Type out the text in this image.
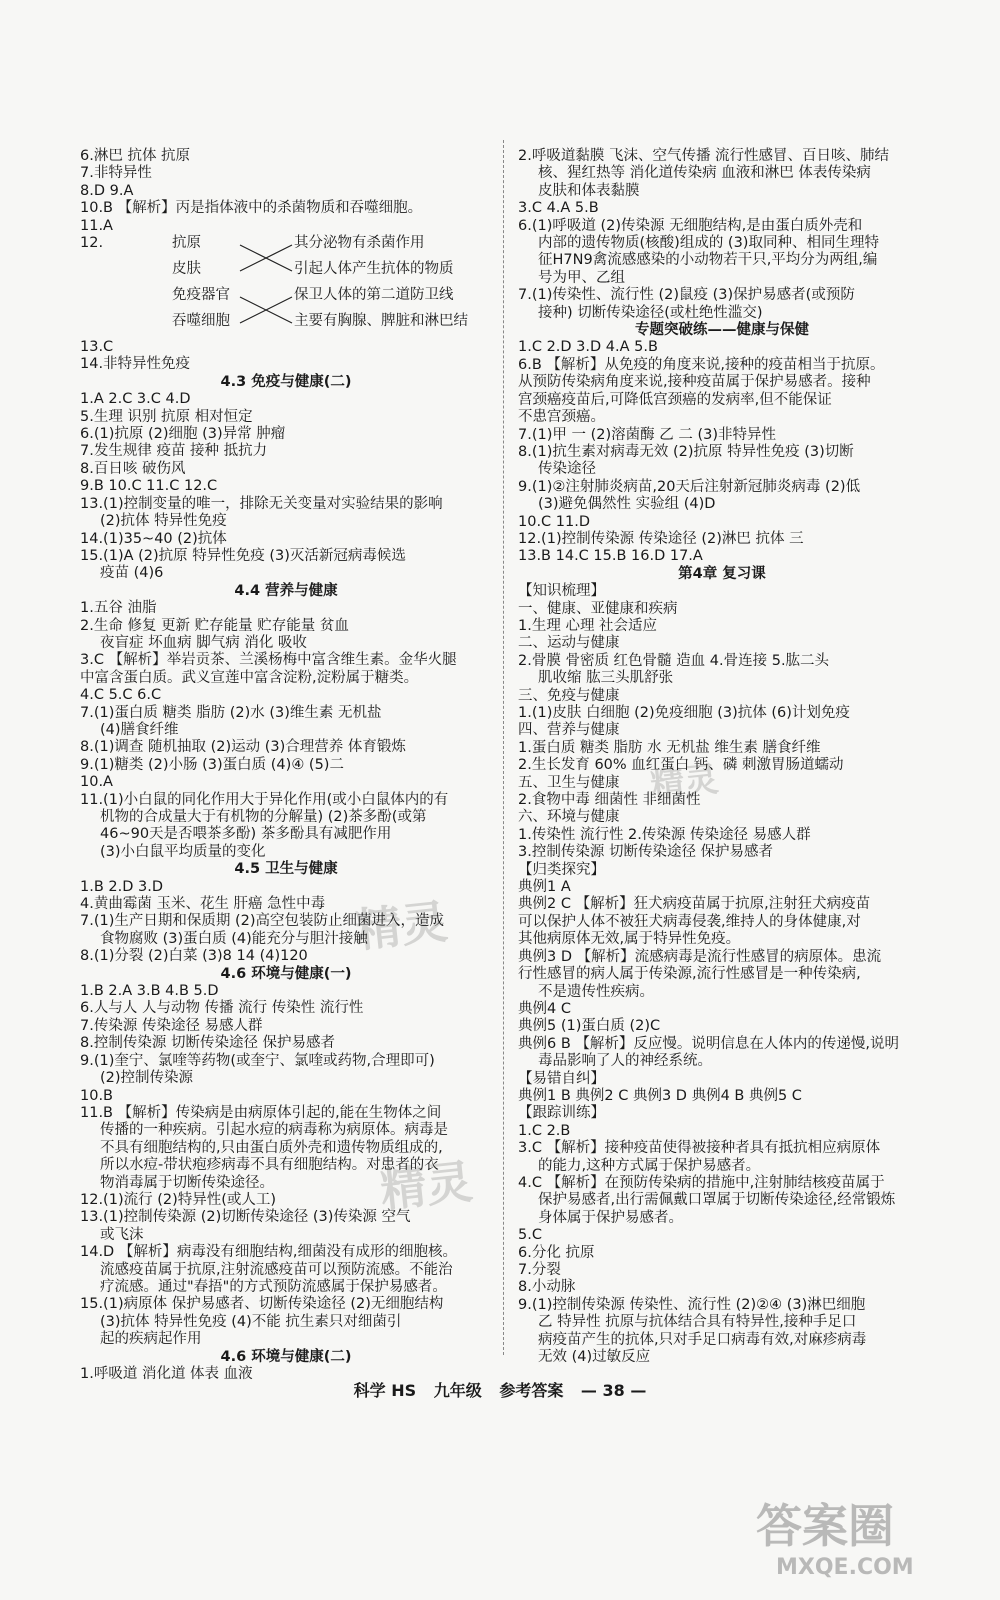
6.淋巴 抗体 抗原
7.非特异性
8.D 9.A
10.B 【解析】丙是指体液中的杀菌物质和吞噬细胞。
11.A
12.	抗原
皮肤
免疫器官
吞噬细胞
其分泌物有杀菌作用
引起人体产生抗体的物质
保卫人体的第二道防卫线
主要有胸腺、脾脏和淋巴结
13.C
14.非特异性免疫
4.3 免疫与健康(二)
1.A 2.C 3.C 4.D
5.生理 识别 抗原 相对恒定
6.(1)抗原 (2)细胞 (3)异常 肿瘤
7.发生规律 疫苗 接种 抵抗力
8.百日咳 破伤风
9.B 10.C 11.C 12.C
13.(1)控制变量的唯一，排除无关变量对实验结果的影响
(2)抗体 特异性免疫
14.(1)35~40 (2)抗体
15.(1)A (2)抗原 特异性免疫 (3)灭活新冠病毒候选
疫苗 (4)6
4.4 营养与健康
1.五谷 油脂
2.生命 修复 更新 贮存能量 贮存能量 贫血
夜盲症 坏血病 脚气病 消化 吸收
3.C 【解析】举岩贡茶、兰溪杨梅中富含维生素。金华火腿
中富含蛋白质。武义宣莲中富含淀粉,淀粉属于糖类。
4.C 5.C 6.C
7.(1)蛋白质 糖类 脂肪 (2)水 (3)维生素 无机盐
(4)膳食纤维
8.(1)调查 随机抽取 (2)运动 (3)合理营养 体育锻炼
9.(1)糖类 (2)小肠 (3)蛋白质 (4)④ (5)二
10.A
11.(1)小白鼠的同化作用大于异化作用(或小白鼠体内的有
机物的合成量大于有机物的分解量) (2)茶多酚(或第
46~90天是否喂茶多酚) 茶多酚具有减肥作用
(3)小白鼠平均质量的变化
4.5 卫生与健康
1.B 2.D 3.D
4.黄曲霉菌 玉米、花生 肝癌 急性中毒
7.(1)生产日期和保质期 (2)高空包装防止细菌进入，造成
食物腐败 (3)蛋白质 (4)能充分与胆汁接触
8.(1)分裂 (2)白菜 (3)8 14 (4)120
4.6 环境与健康(一)
1.B 2.A 3.B 4.B 5.D
6.人与人 人与动物 传播 流行 传染性 流行性
7.传染源 传染途径 易感人群
8.控制传染源 切断传染途径 保护易感者
9.(1)奎宁、氯喹等药物(或奎宁、氯喹或药物,合理即可)
(2)控制传染源
10.B
11.B 【解析】传染病是由病原体引起的,能在生物体之间
传播的一种疾病。引起水痘的病毒称为病原体。病毒是
不具有细胞结构的,只由蛋白质外壳和遗传物质组成的,
所以水痘-带状疱疹病毒不具有细胞结构。对患者的衣
物消毒属于切断传染途径。
12.(1)流行 (2)特异性(或人工)
13.(1)控制传染源 (2)切断传染途径 (3)传染源 空气
或飞沫
14.D 【解析】病毒没有细胞结构,细菌没有成形的细胞核。
流感疫苗属于抗原,注射流感疫苗可以预防流感。不能治
疗流感。通过"春捂"的方式预防流感属于保护易感者。
15.(1)病原体 保护易感者、切断传染途径 (2)无细胞结构
(3)抗体 特异性免疫 (4)不能 抗生素只对细菌引
起的疾病起作用
4.6 环境与健康(二)
1.呼吸道 消化道 体表 血液
2.呼吸道黏膜 飞沫、空气传播 流行性感冒、百日咳、肺结
核、猩红热等 消化道传染病 血液和淋巴 体表传染病
皮肤和体表黏膜
3.C 4.A 5.B
6.(1)呼吸道 (2)传染源 无细胞结构,是由蛋白质外壳和
内部的遗传物质(核酸)组成的 (3)取同种、相同生理特
征H7N9禽流感感染的小动物若干只,平均分为两组,编
号为甲、乙组
7.(1)传染性、流行性 (2)鼠疫 (3)保护易感者(或预防
接种) 切断传染途径(或杜绝性滥交)
专题突破练——健康与保健
1.C 2.D 3.D 4.A 5.B
6.B 【解析】从免疫的角度来说,接种的疫苗相当于抗原。
从预防传染病角度来说,接种疫苗属于保护易感者。接种
宫颈癌疫苗后,可降低宫颈癌的发病率,但不能保证
不患宫颈癌。
7.(1)甲 一 (2)溶菌酶 乙 二 (3)非特异性
8.(1)抗生素对病毒无效 (2)抗原 特异性免疫 (3)切断
传染途径
9.(1)②注射肺炎病苗,20天后注射新冠肺炎病毒 (2)低
(3)避免偶然性 实验组 (4)D
10.C 11.D
12.(1)控制传染源 传染途径 (2)淋巴 抗体 三
13.B 14.C 15.B 16.D 17.A
第4章 复习课
【知识梳理】
一、健康、亚健康和疾病
1.生理 心理 社会适应
二、运动与健康
2.骨膜 骨密质 红色骨髓 造血 4.骨连接 5.肱二头
肌收缩 肱三头肌舒张
三、免疫与健康
1.(1)皮肤 白细胞 (2)免疫细胞 (3)抗体 (6)计划免疫
四、营养与健康
1.蛋白质 糖类 脂肪 水 无机盐 维生素 膳食纤维
2.生长发育 60% 血红蛋白 钙、磷 刺激胃肠道蠕动
五、卫生与健康
2.食物中毒 细菌性 非细菌性
六、环境与健康
1.传染性 流行性 2.传染源 传染途径 易感人群
3.控制传染源 切断传染途径 保护易感者
【归类探究】
典例1 A
典例2 C 【解析】狂犬病疫苗属于抗原,注射狂犬病疫苗
可以保护人体不被狂犬病毒侵袭,维持人的身体健康,对
其他病原体无效,属于特异性免疫。
典例3 D 【解析】流感病毒是流行性感冒的病原体。患流
行性感冒的病人属于传染源,流行性感冒是一种传染病,
不是遗传性疾病。
典例4 C
典例5 (1)蛋白质 (2)C
典例6 B 【解析】反应慢。说明信息在人体内的传递慢,说明
毒品影响了人的神经系统。
【易错自纠】
典例1 B 典例2 C 典例3 D 典例4 B 典例5 C
【跟踪训练】
1.C 2.B
3.C 【解析】接种疫苗使得被接种者具有抵抗相应病原体
的能力,这种方式属于保护易感者。
4.C 【解析】在预防传染病的措施中,注射肺结核疫苗属于
保护易感者,出行需佩戴口罩属于切断传染途径,经常锻炼
身体属于保护易感者。
5.C
6.分化 抗原
7.分裂
8.小动脉
9.(1)控制传染源 传染性、流行性 (2)②④ (3)淋巴细胞
乙 特异性 抗原与抗体结合具有特异性,接种手足口
病疫苗产生的抗体,只对手足口病毒有效,对麻疹病毒
无效 (4)过敏反应
科学 HS 九年级 参考答案 — 38 —
精灵
精灵
精灵
答案圈
MXQE.COM
